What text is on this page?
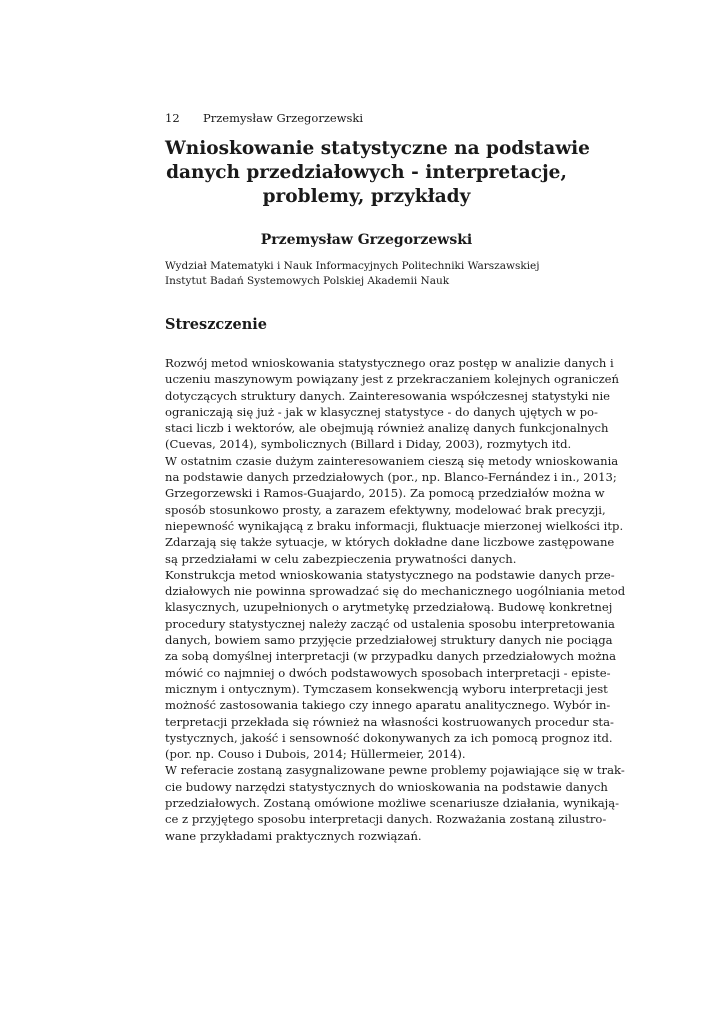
12 Przemysław Grzegorzewski
Wnioskowanie statystyczne na podstawie
danych przedziałowych - interpretacje,
problemy, przykłady
Przemysław Grzegorzewski
Wydział Matematyki i Nauk Informacyjnych Politechniki Warszawskiej
Instytut Badań Systemowych Polskiej Akademii Nauk
Streszczenie
Rozwój metod wnioskowania statystycznego oraz postęp w analizie danych i
uczeniu maszynowym powiązany jest z przekraczaniem kolejnych ograniczeń
dotyczących struktury danych. Zainteresowania współczesnej statystyki nie
ograniczają się już - jak w klasycznej statystyce - do danych ujętych w po-
staci liczb i wektorów, ale obejmują również analizę danych funkcjonalnych
(Cuevas, 2014), symbolicznych (Billard i Diday, 2003), rozmytych itd.
W ostatnim czasie dużym zainteresowaniem cieszą się metody wnioskowania
na podstawie danych przedziałowych (por., np. Blanco-Fernández i in., 2013;
Grzegorzewski i Ramos-Guajardo, 2015). Za pomocą przedziałów można w
sposób stosunkowo prosty, a zarazem efektywny, modelować brak precyzji,
niepewność wynikającą z braku informacji, fluktuacje mierzonej wielkości itp.
Zdarzają się także sytuacje, w których dokładne dane liczbowe zastępowane
są przedziałami w celu zabezpieczenia prywatności danych.
Konstrukcja metod wnioskowania statystycznego na podstawie danych prze-
działowych nie powinna sprowadzać się do mechanicznego uogólniania metod
klasycznych, uzupełnionych o arytmetykę przedziałową. Budowę konkretnej
procedury statystycznej należy zacząć od ustalenia sposobu interpretowania
danych, bowiem samo przyjęcie przedziałowej struktury danych nie pociąga
za sobą domyślnej interpretacji (w przypadku danych przedziałowych można
mówić co najmniej o dwóch podstawowych sposobach interpretacji - episte-
micznym i ontycznym). Tymczasem konsekwencją wyboru interpretacji jest
możność zastosowania takiego czy innego aparatu analitycznego. Wybór in-
terpretacji przekłada się również na własności kostruowanych procedur sta-
tystycznych, jakość i sensowność dokonywanych za ich pomocą prognoz itd.
(por. np. Couso i Dubois, 2014; Hüllermeier, 2014).
W referacie zostaną zasygnalizowane pewne problemy pojawiające się w trak-
cie budowy narzędzi statystycznych do wnioskowania na podstawie danych
przedziałowych. Zostaną omówione możliwe scenariusze działania, wynikają-
ce z przyjętego sposobu interpretacji danych. Rozważania zostaną zilustro-
wane przykładami praktycznych rozwiązań.
